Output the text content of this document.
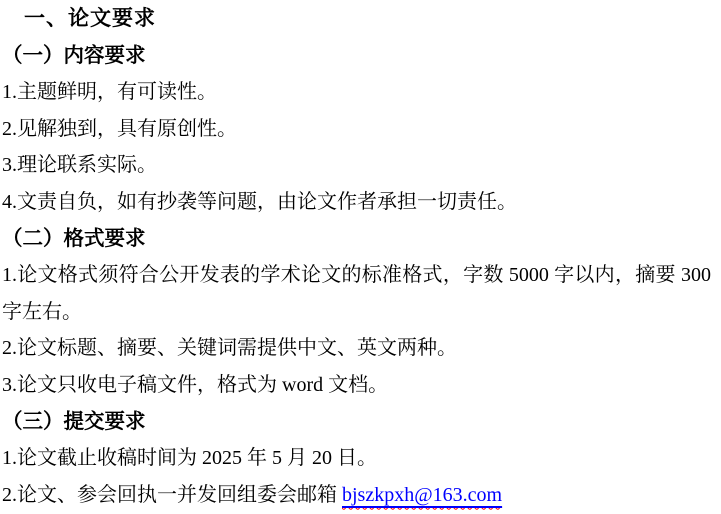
一、论文要求

（一）内容要求

1.主题鲜明，有可读性。

2.见解独到，具有原创性。

3.理论联系实际。

4.文责自负，如有抄袭等问题，由论文作者承担一切责任。

（二）格式要求

1.论文格式须符合公开发表的学术论文的标准格式，字数 5000 字以内，摘要 300 字左右。

2.论文标题、摘要、关键词需提供中文、英文两种。

3.论文只收电子稿文件，格式为 word 文档。

（三）提交要求

1.论文截止收稿时间为 2025 年 5 月 20 日。

2.论文、参会回执一并发回组委会邮箱 bjszkpxh@163.com
